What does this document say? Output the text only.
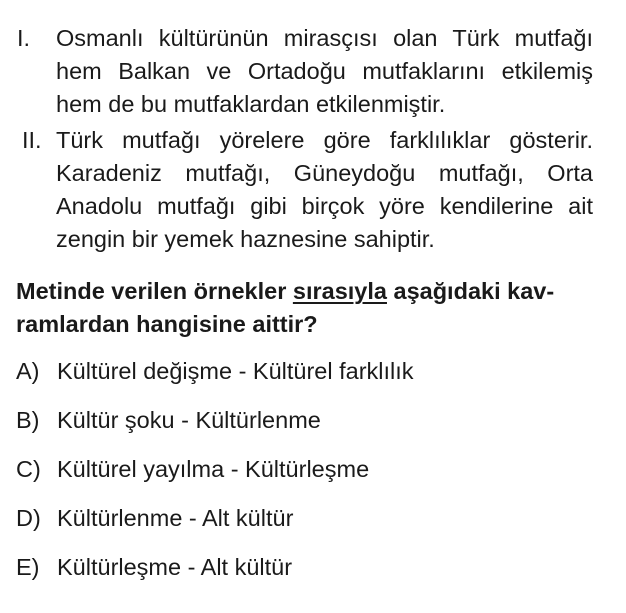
I. Osmanlı kültürünün mirasçısı olan Türk mutfağı
hem Balkan ve Ortadoğu mutfaklarını etkilemiş
hem de bu mutfaklardan etkilenmiştir.
II. Türk mutfağı yörelere göre farklılıklar gösterir.
Karadeniz mutfağı, Güneydoğu mutfağı, Orta
Anadolu mutfağı gibi birçok yöre kendilerine ait
zengin bir yemek haznesine sahiptir.
Metinde verilen örnekler sırasıyla aşağıdaki kav-
ramlardan hangisine aittir?
A) Kültürel değişme - Kültürel farklılık
B) Kültür şoku - Kültürlenme
C) Kültürel yayılma - Kültürleşme
D) Kültürlenme - Alt kültür
E) Kültürleşme - Alt kültür
